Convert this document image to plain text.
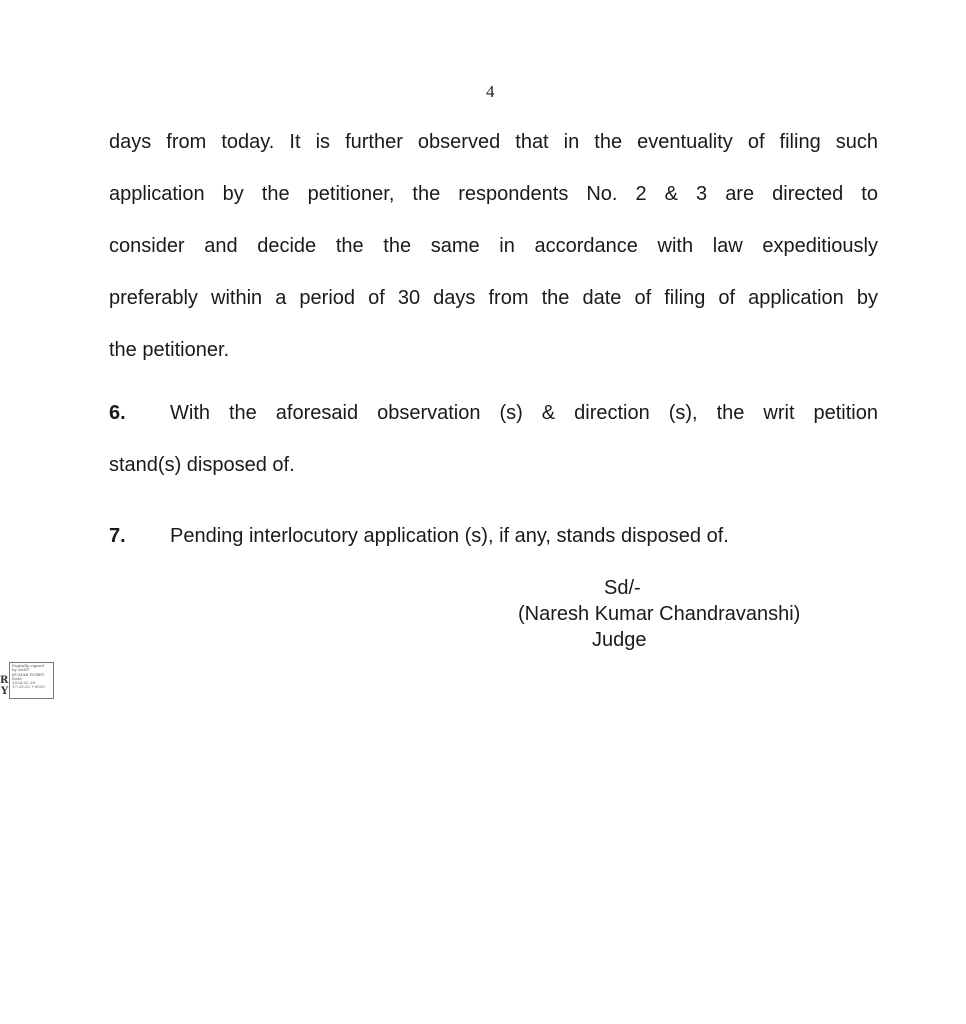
4
days from today. It is further observed that in the eventuality of filing such
application by the petitioner, the respondents No. 2 & 3 are directed to
consider and decide the the same in accordance with law expeditiously
preferably within a period of 30 days from the date of filing of application by
the petitioner.
6. With the aforesaid observation (s) & direction (s), the writ petition
stand(s) disposed of.
7. Pending interlocutory application (s), if any, stands disposed of.
Sd/-
(Naresh Kumar Chandravanshi)
Judge
R
Y
Digitally signed
by AMIT
KUMAR DUBEY
Date:
2024.02.28
17:29:32 +0530
